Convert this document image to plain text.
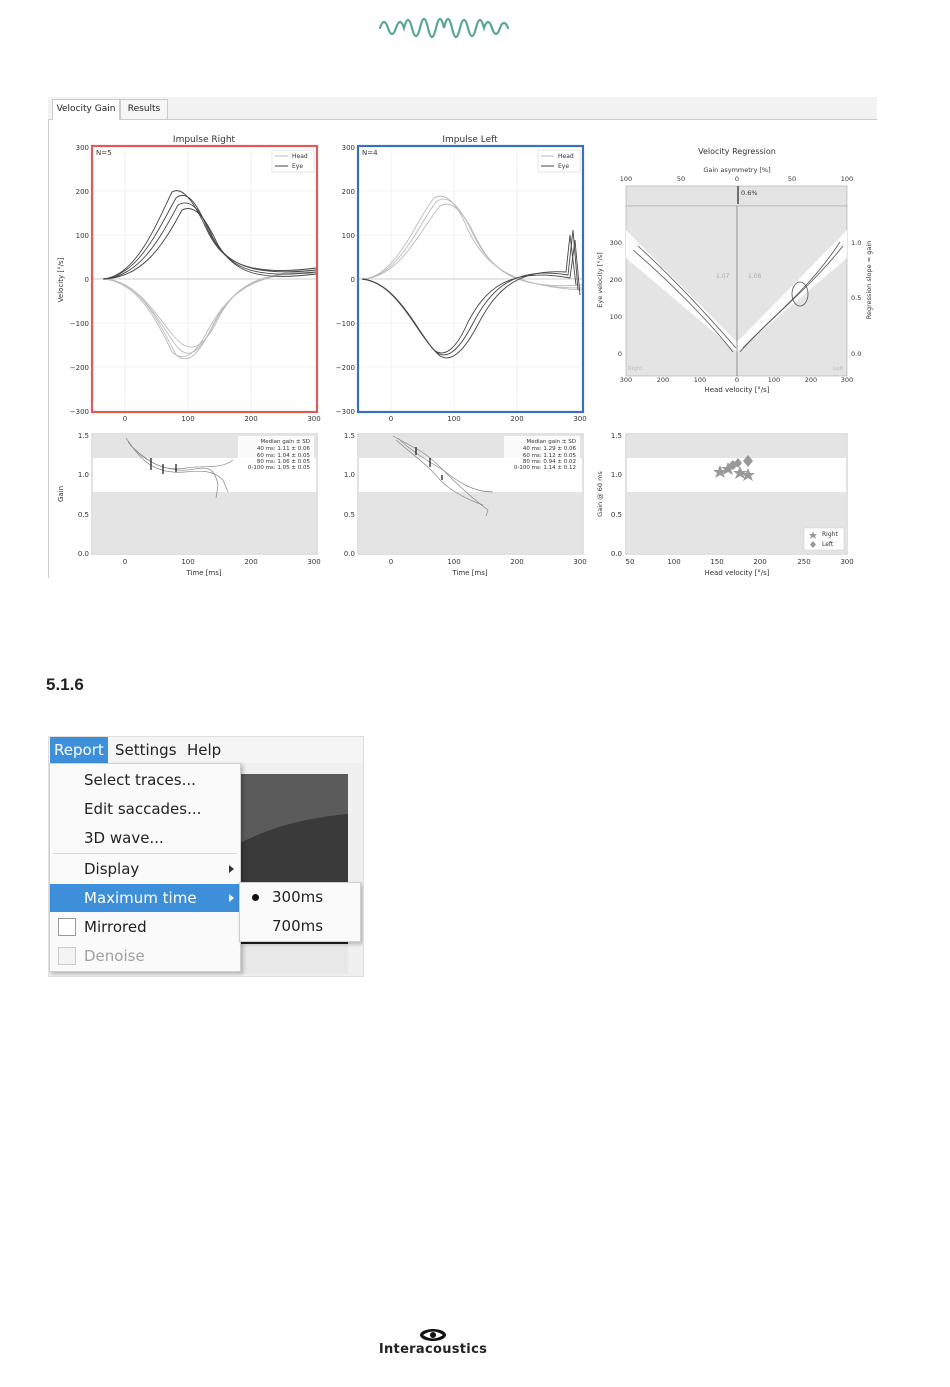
Velocity Gain	Results
Impulse Right
300
200
100
0
−100
−200
−300
0	100	200	300
Velocity [°/s]
N=5	Head
Eye
Impulse Left
300
200
100
0
−100
−200
−300
0	100	200	300
N=4	Head
Eye
Velocity Regression
Gain asymmetry [%]
100	50	0	50	100
0.6%
1.07	1.06
Right	Left
300
200
100
0
Eye velocity [°/s]
1.0
0.5
0.0
Regression slope = gain
300	200	100	0	100	200	300
Head velocity [°/s]
1.5
1.0
0.5
0.0
Gain
0	100	200	300
Time [ms]
Median gain ± SD
40 ms: 1.11 ± 0.06
60 ms: 1.04 ± 0.05
80 ms: 1.06 ± 0.05
0-100 ms: 1.05 ± 0.05
1.5
1.0
0.5
0.0
0	100	200	300
Time [ms]
Median gain ± SD
40 ms: 1.29 ± 0.06
60 ms: 1.12 ± 0.05
80 ms: 0.94 ± 0.02
0-100 ms: 1.14 ± 0.12
1.5
1.0
0.5
0.0
Gain @ 60 ms
50	100	150	200	250	300
Head velocity [°/s]
Right
Left
5.1.6
Report Settings Help
Select traces...
Edit saccades...
3D wave...
Display
Maximum time
Mirrored
Denoise
300ms
700ms
Interacoustics
